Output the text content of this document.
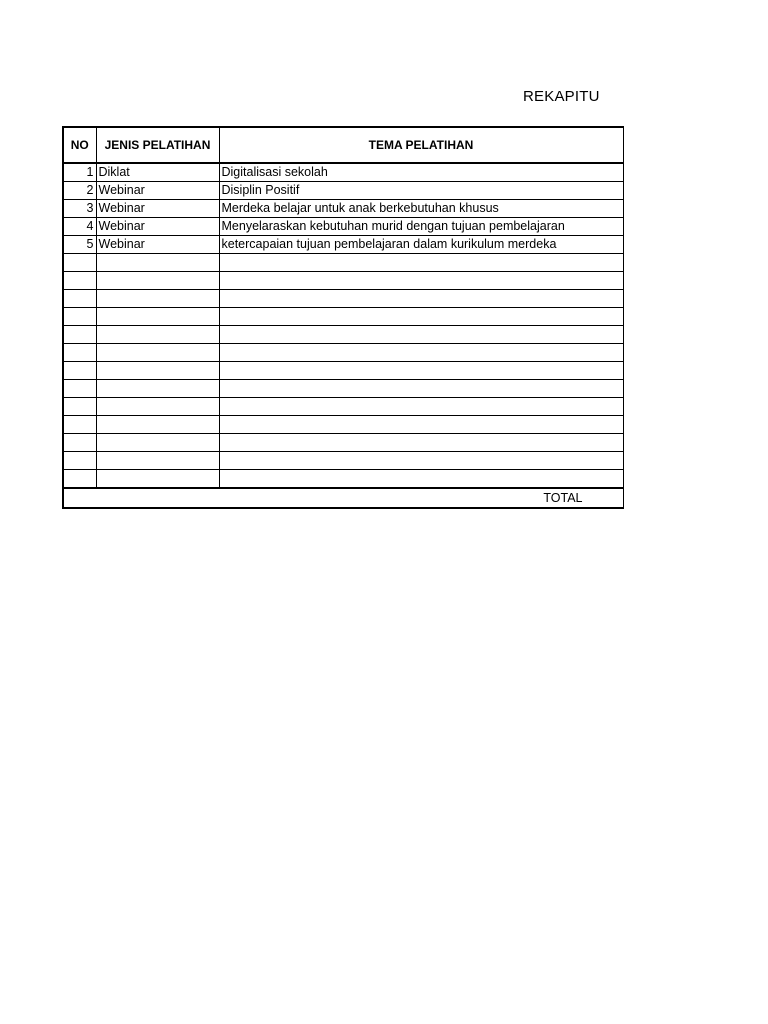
REKAPITU
NO	JENIS PELATIHAN	TEMA PELATIHAN
1	Diklat	Digitalisasi sekolah
2	Webinar	Disiplin Positif
3	Webinar	Merdeka belajar untuk anak berkebutuhan khusus
4	Webinar	Menyelaraskan kebutuhan murid dengan tujuan pembelajaran
5	Webinar	ketercapaian tujuan pembelajaran dalam kurikulum merdeka

TOTAL		
